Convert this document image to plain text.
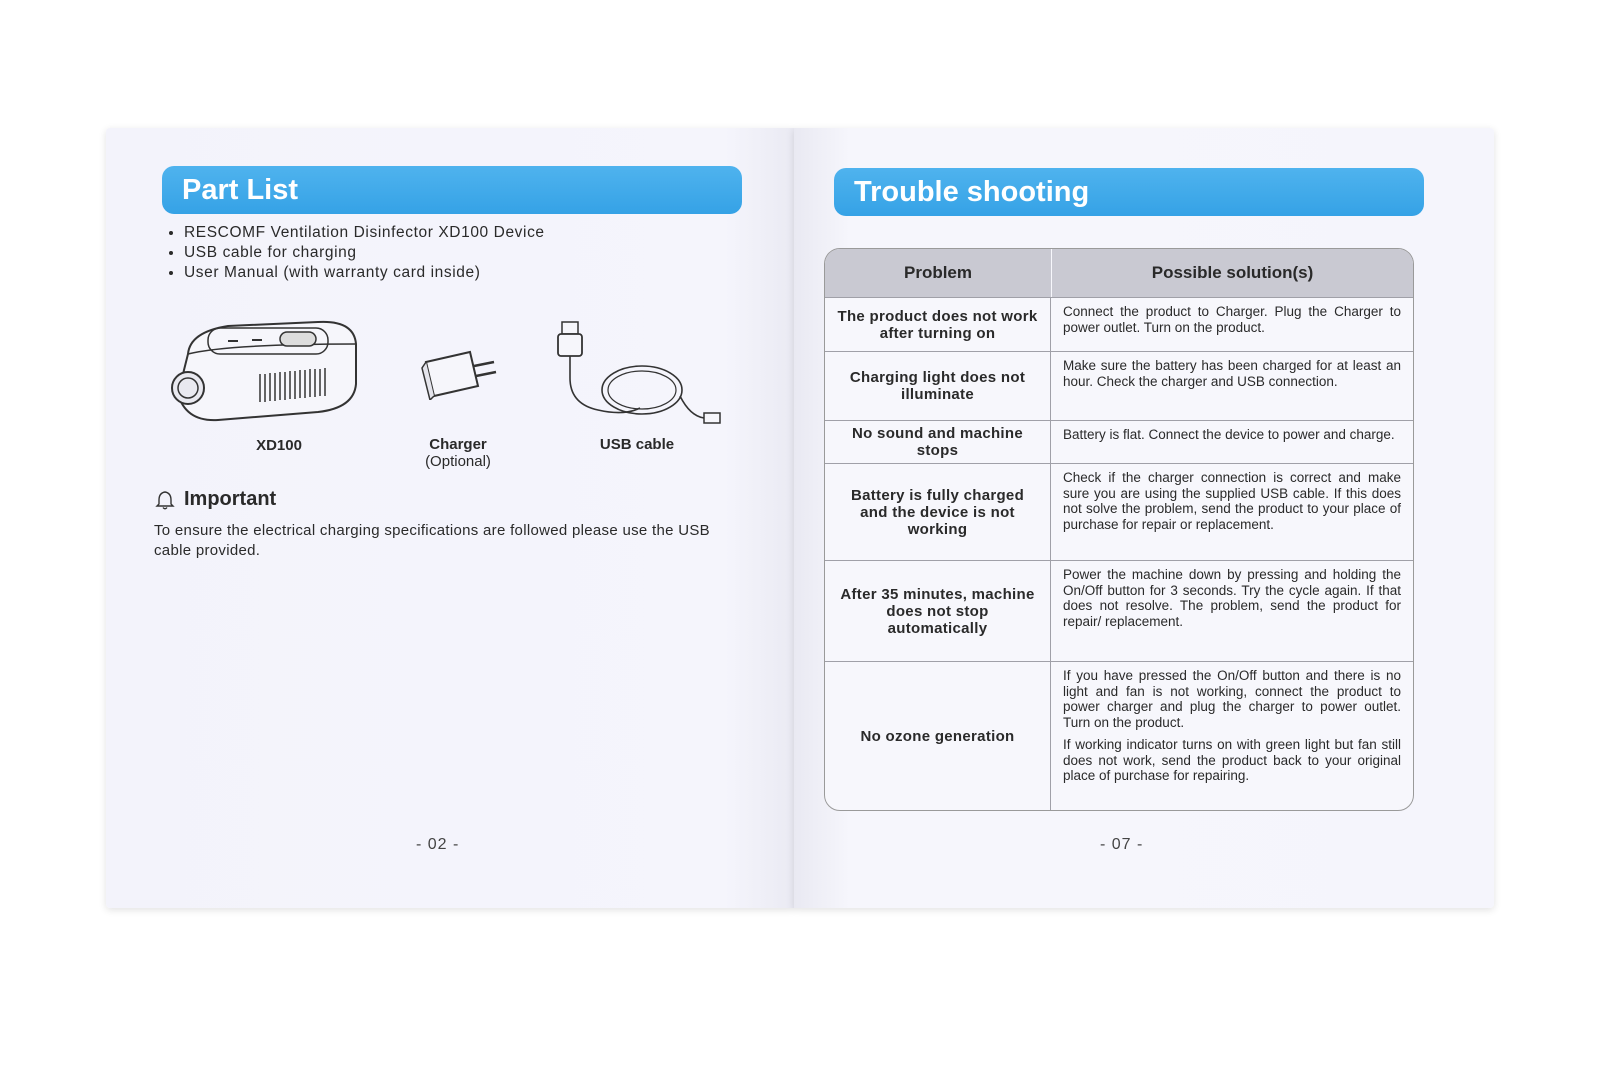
Part List
• RESCOMF Ventilation Disinfector XD100 Device
• USB cable for charging
• User Manual (with warranty card inside)
XD100	Charger
(Optional)
USB cable
Important
To ensure the electrical charging specifications are followed please use the USB cable provided.
- 02 -
Trouble shooting
Problem	Possible solution(s)
The product does not work after turning on

Connect the product to Charger. Plug the Charger to power outlet. Turn on the product.

Charging light does not illuminate

Make sure the battery has been charged for at least an hour. Check the charger and USB connection.

No sound and machine stops

Battery is flat. Connect the device to power and charge.

Battery is fully charged and the device is not working

Check if the charger connection is correct and make sure you are using the supplied USB cable. If this does not solve the problem, send the product to your place of purchase for repair or replacement.

After 35 minutes, machine does not stop automatically

Power the machine down by pressing and holding the On/Off button for 3 seconds. Try the cycle again. If that does not resolve. The problem, send the product for repair/ replacement.

No ozone generation

If you have pressed the On/Off button and there is no light and fan is not working, connect the product to power charger and plug the charger to power outlet. Turn on the product.

If working indicator turns on with green light but fan still does not work, send the product back to your original place of purchase for repairing.

- 07 -
